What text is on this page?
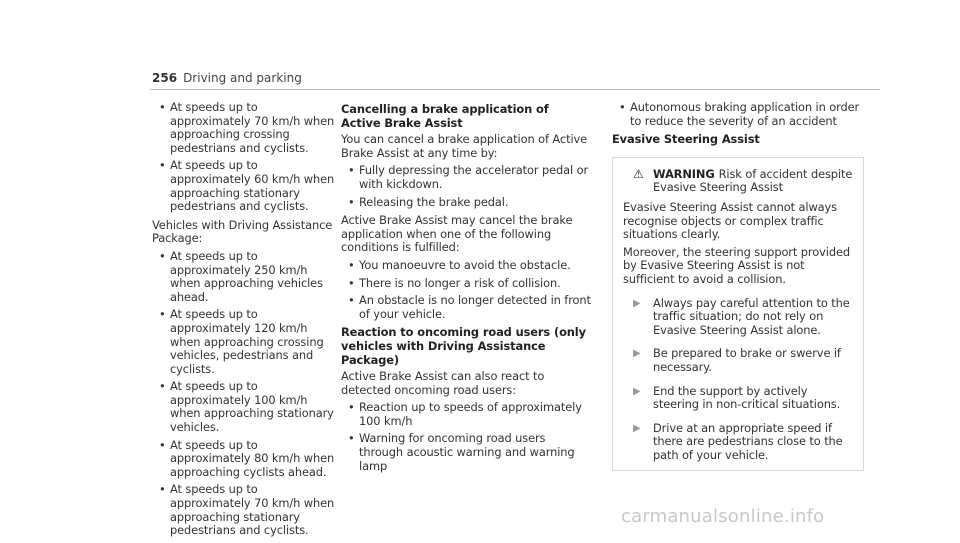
256 Driving and parking
• At speeds up to approximately 70 km/h when approaching crossing pedestrians and cyclists.
• At speeds up to approximately 60 km/h when approaching stationary pedestrians and cyclists.

Vehicles with Driving Assistance Package:

• At speeds up to approximately 250 km/h when approaching vehicles ahead.
• At speeds up to approximately 120 km/h when approaching crossing vehicles, pedestrians and cyclists.
• At speeds up to approximately 100 km/h when approaching stationary vehicles.
• At speeds up to approximately 80 km/h when approaching cyclists ahead.
• At speeds up to approximately 70 km/h when approaching stationary pedestrians and cyclists.
Cancelling a brake application of Active Brake Assist

You can cancel a brake application of Active Brake Assist at any time by:

• Fully depressing the accelerator pedal or with kickdown.
• Releasing the brake pedal.

Active Brake Assist may cancel the brake application when one of the following conditions is fulfilled:

• You manoeuvre to avoid the obstacle.
• There is no longer a risk of collision.
• An obstacle is no longer detected in front of your vehicle.
Reaction to oncoming road users (only vehicles with Driving Assistance Package)

Active Brake Assist can also react to detected oncoming road users:

• Reaction up to speeds of approximately 100 km/h
• Warning for oncoming road users through acoustic warning and warning lamp
• Autonomous braking application in order to reduce the severity of an accident
Evasive Steering Assist
⚠ WARNING Risk of accident despite Evasive Steering Assist

Evasive Steering Assist cannot always recognise objects or complex traffic situations clearly.

Moreover, the steering support provided by Evasive Steering Assist is not sufficient to avoid a collision.

▶ Always pay careful attention to the traffic situation; do not rely on Evasive Steering Assist alone.
▶ Be prepared to brake or swerve if necessary.
▶ End the support by actively steering in non-critical situations.
▶ Drive at an appropriate speed if there are pedestrians close to the path of your vehicle.
carmanualsonline.info
